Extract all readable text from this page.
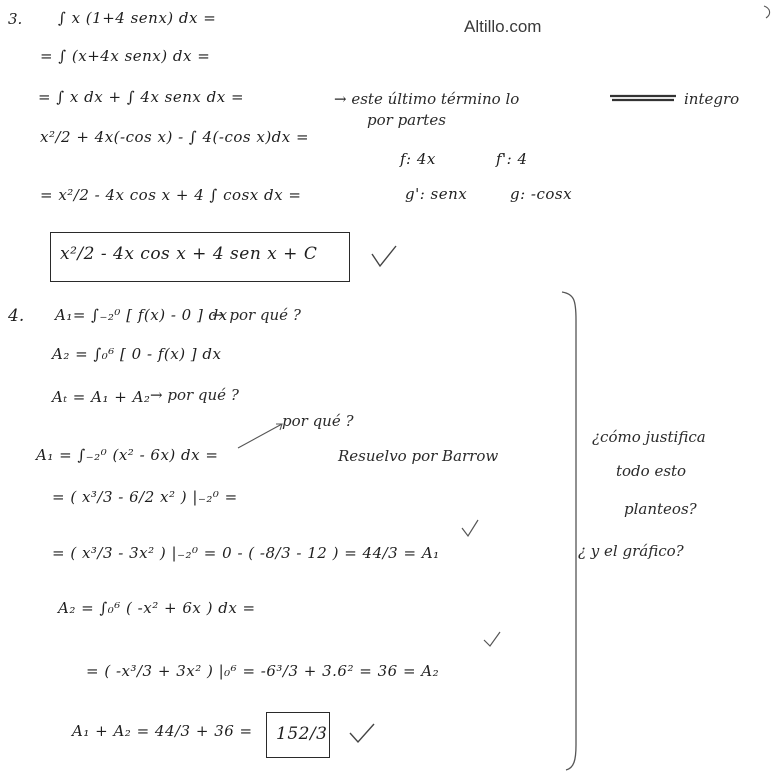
Altillo.com
3. ∫ x (1+4 senx) dx =
= ∫ (x+4x senx) dx =
= ∫ x dx + ∫ 4x senx dx =	→ este último término lo	integro
por partes
x²/2 + 4x(-cos x) - ∫ 4(-cos x)dx =
f: 4x	f': 4
= x²/2 - 4x cos x + 4 ∫ cosx dx =	g': senx	g: -cosx
x²/2 - 4x cos x + 4 sen x + C
4. A₁= ∫₋₂⁰ [ f(x) - 0 ] dx
→ por qué ?
A₂ = ∫₀⁶ [ 0 - f(x) ] dx
Aₜ = A₁ + A₂ → por qué ?
por qué ?
Resuelvo por Barrow
A₁ = ∫₋₂⁰ (x² - 6x) dx =
= ( x³/3 - 6/2 x² ) |₋₂⁰ =
= ( x³/3 - 3x² ) |₋₂⁰ = 0 - ( -8/3 - 12 ) = 44/3 = A₁
A₂ = ∫₀⁶ ( -x² + 6x ) dx =
= ( -x³/3 + 3x² ) |₀⁶ = -6³/3 + 3.6² = 36 = A₂
A₁ + A₂ = 44/3 + 36 = 152/3
¿cómo justifica
todo esto
planteos?
¿ y el gráfico?
